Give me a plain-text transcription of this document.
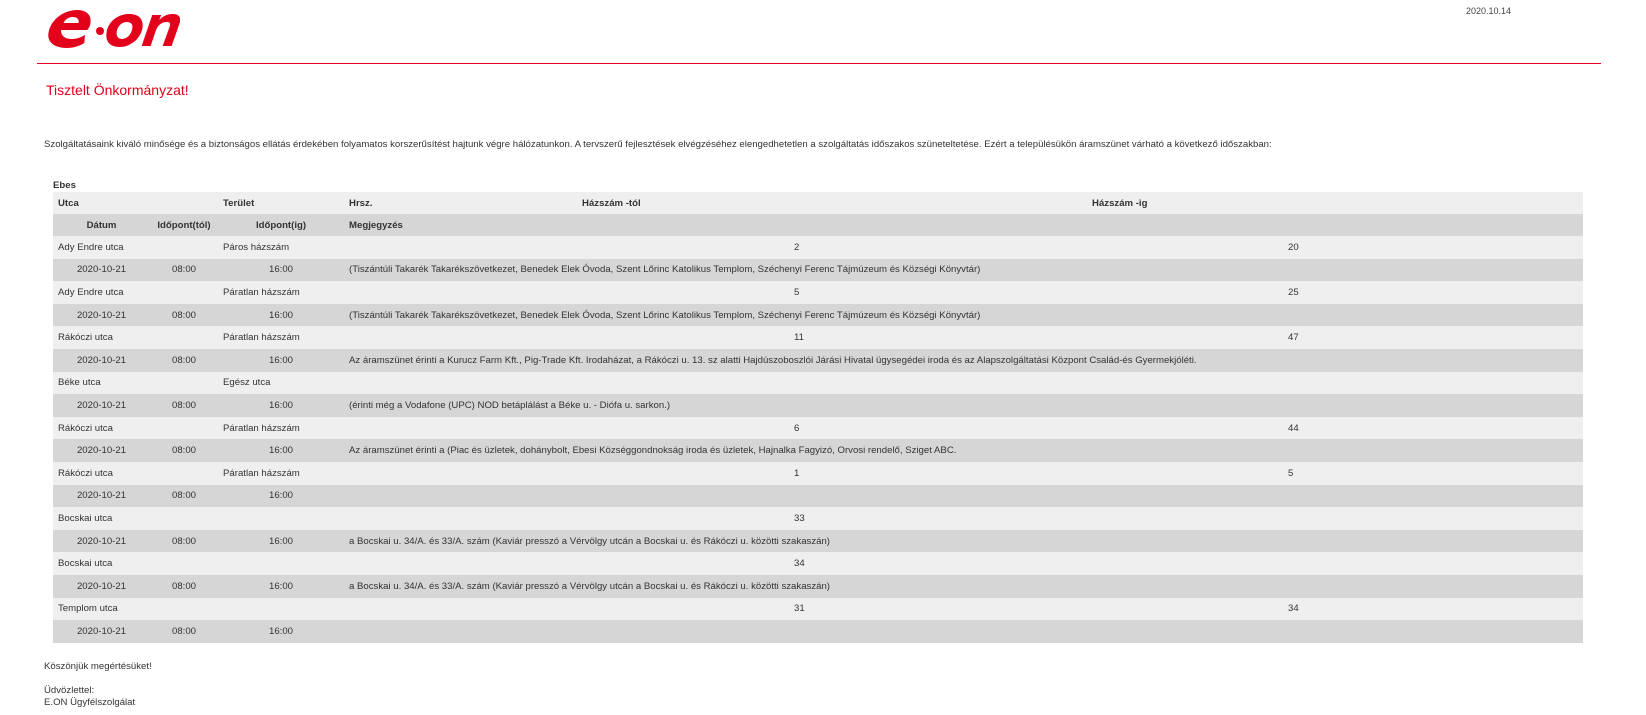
2020.10.14
Tisztelt Önkormányzat!
Szolgáltatásaink kiváló minősége és a biztonságos ellátás érdekében folyamatos korszerűsítést hajtunk végre hálózatunkon. A tervszerű fejlesztések elvégzéséhez elengedhetetlen a szolgáltatás időszakos szüneteltetése. Ezért a településükön áramszünet várható a következő időszakban:
Ebes
Utca		Terület	Hrsz.	Házszám -tól	Házszám -ig
Dátum	Időpont(tól)	Időpont(ig)	Megjegyzés		
Ady Endre utca		Páros házszám		2	20
2020-10-21	08:00	16:00	(Tiszántúli Takarék Takarékszövetkezet, Benedek Elek Óvoda, Szent Lőrinc Katolikus Templom, Széchenyi Ferenc Tájmúzeum és Községi Könyvtár)		
Ady Endre utca		Páratlan házszám		5	25
2020-10-21	08:00	16:00	(Tiszántúli Takarék Takarékszövetkezet, Benedek Elek Óvoda, Szent Lőrinc Katolikus Templom, Széchenyi Ferenc Tájmúzeum és Községi Könyvtár)		
Rákóczi utca		Páratlan házszám		11	47
2020-10-21	08:00	16:00	Az áramszünet érinti a Kurucz Farm Kft., Pig-Trade Kft. Irodaházat, a Rákóczi u. 13. sz alatti Hajdúszoboszlói Járási Hivatal ügysegédei iroda és az Alapszolgáltatási Központ Család-és Gyermekjóléti.		
Béke utca		Egész utca			
2020-10-21	08:00	16:00	(érinti még a Vodafone (UPC) NOD betáplálást a Béke u. - Diófa u. sarkon.)		
Rákóczi utca		Páratlan házszám		6	44
2020-10-21	08:00	16:00	Az áramszünet érinti a (Piac és üzletek, dohánybolt, Ebesi Községgondnokság iroda és üzletek, Hajnalka Fagyizó, Orvosi rendelő, Sziget ABC.		
Rákóczi utca		Páratlan házszám		1	5
2020-10-21	08:00	16:00			
Bocskai utca				33	
2020-10-21	08:00	16:00	a Bocskai u. 34/A. és 33/A. szám (Kaviár presszó a Vérvölgy utcán a Bocskai u. és Rákóczi u. közötti szakaszán)		
Bocskai utca				34	
2020-10-21	08:00	16:00	a Bocskai u. 34/A. és 33/A. szám (Kaviár presszó a Vérvölgy utcán a Bocskai u. és Rákóczi u. közötti szakaszán)		
Templom utca				31	34
2020-10-21	08:00	16:00			
Köszönjük megértésüket!
Üdvözlettel:
E.ON Ügyfélszolgálat
